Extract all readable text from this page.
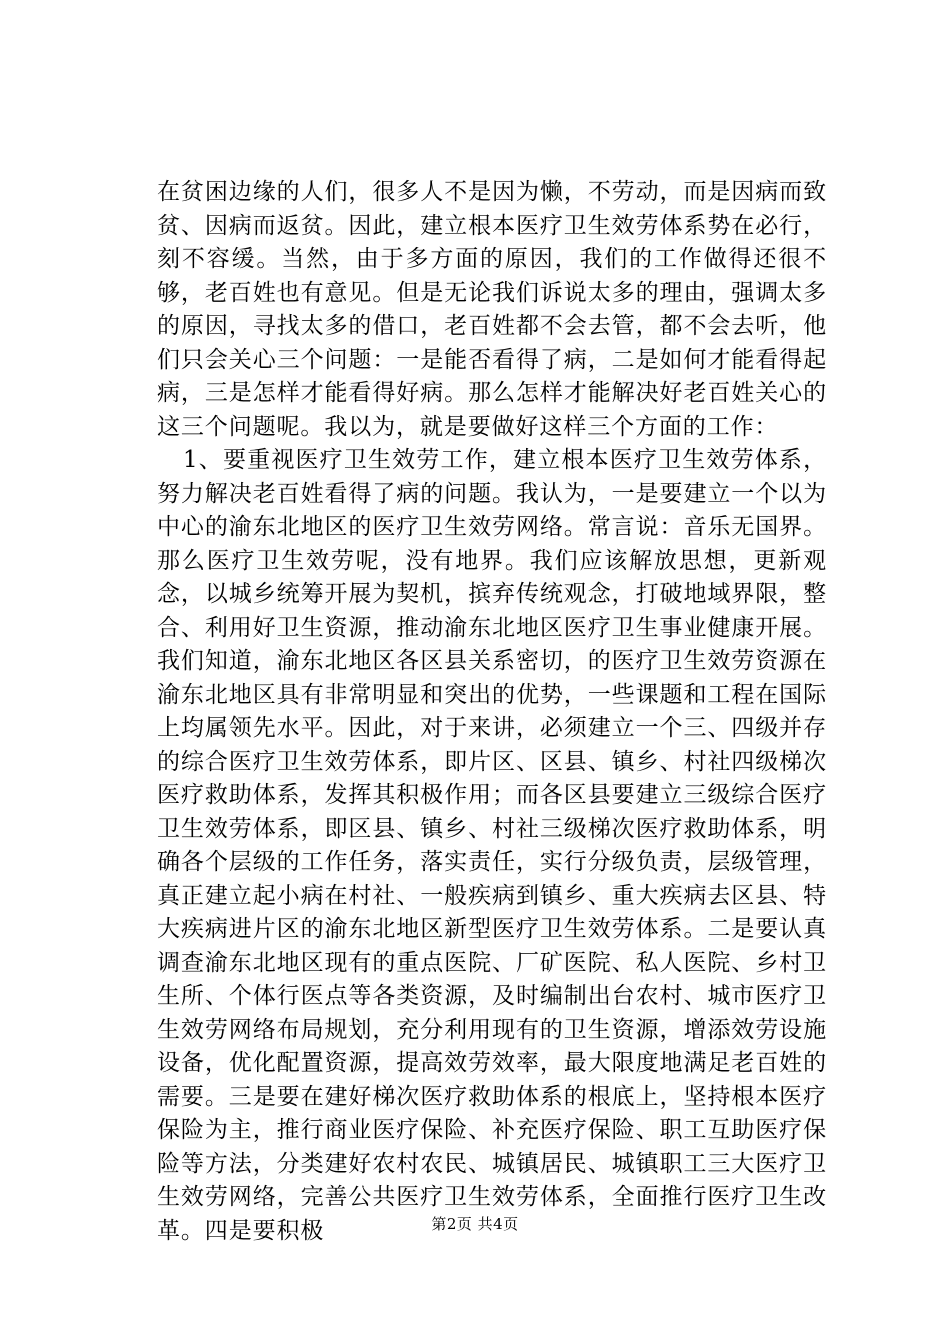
在贫困边缘的人们，很多人不是因为懒，不劳动，而是因病而致贫、因病而返贫。因此，建立根本医疗卫生效劳体系势在必行，刻不容缓。当然，由于多方面的原因，我们的工作做得还很不够，老百姓也有意见。但是无论我们诉说太多的理由，强调太多的原因，寻找太多的借口，老百姓都不会去管，都不会去听，他们只会关心三个问题：一是能否看得了病，二是如何才能看得起病，三是怎样才能看得好病。那么怎样才能解决好老百姓关心的这三个问题呢。我以为，就是要做好这样三个方面的工作：

1、要重视医疗卫生效劳工作，建立根本医疗卫生效劳体系，努力解决老百姓看得了病的问题。我认为，一是要建立一个以为中心的渝东北地区的医疗卫生效劳网络。常言说：音乐无国界。那么医疗卫生效劳呢，没有地界。我们应该解放思想，更新观念，以城乡统筹开展为契机，摈弃传统观念，打破地域界限，整合、利用好卫生资源，推动渝东北地区医疗卫生事业健康开展。我们知道，渝东北地区各区县关系密切，的医疗卫生效劳资源在渝东北地区具有非常明显和突出的优势，一些课题和工程在国际上均属领先水平。因此，对于来讲，必须建立一个三、四级并存的综合医疗卫生效劳体系，即片区、区县、镇乡、村社四级梯次医疗救助体系，发挥其积极作用；而各区县要建立三级综合医疗卫生效劳体系，即区县、镇乡、村社三级梯次医疗救助体系，明确各个层级的工作任务，落实责任，实行分级负责，层级管理，真正建立起小病在村社、一般疾病到镇乡、重大疾病去区县、特大疾病进片区的渝东北地区新型医疗卫生效劳体系。二是要认真调查渝东北地区现有的重点医院、厂矿医院、私人医院、乡村卫生所、个体行医点等各类资源，及时编制出台农村、城市医疗卫生效劳网络布局规划，充分利用现有的卫生资源，增添效劳设施设备，优化配置资源，提高效劳效率，最大限度地满足老百姓的需要。三是要在建好梯次医疗救助体系的根底上，坚持根本医疗保险为主，推行商业医疗保险、补充医疗保险、职工互助医疗保险等方法，分类建好农村农民、城镇居民、城镇职工三大医疗卫生效劳网络，完善公共医疗卫生效劳体系，全面推行医疗卫生改革。四是要积极	第2页 共4页
